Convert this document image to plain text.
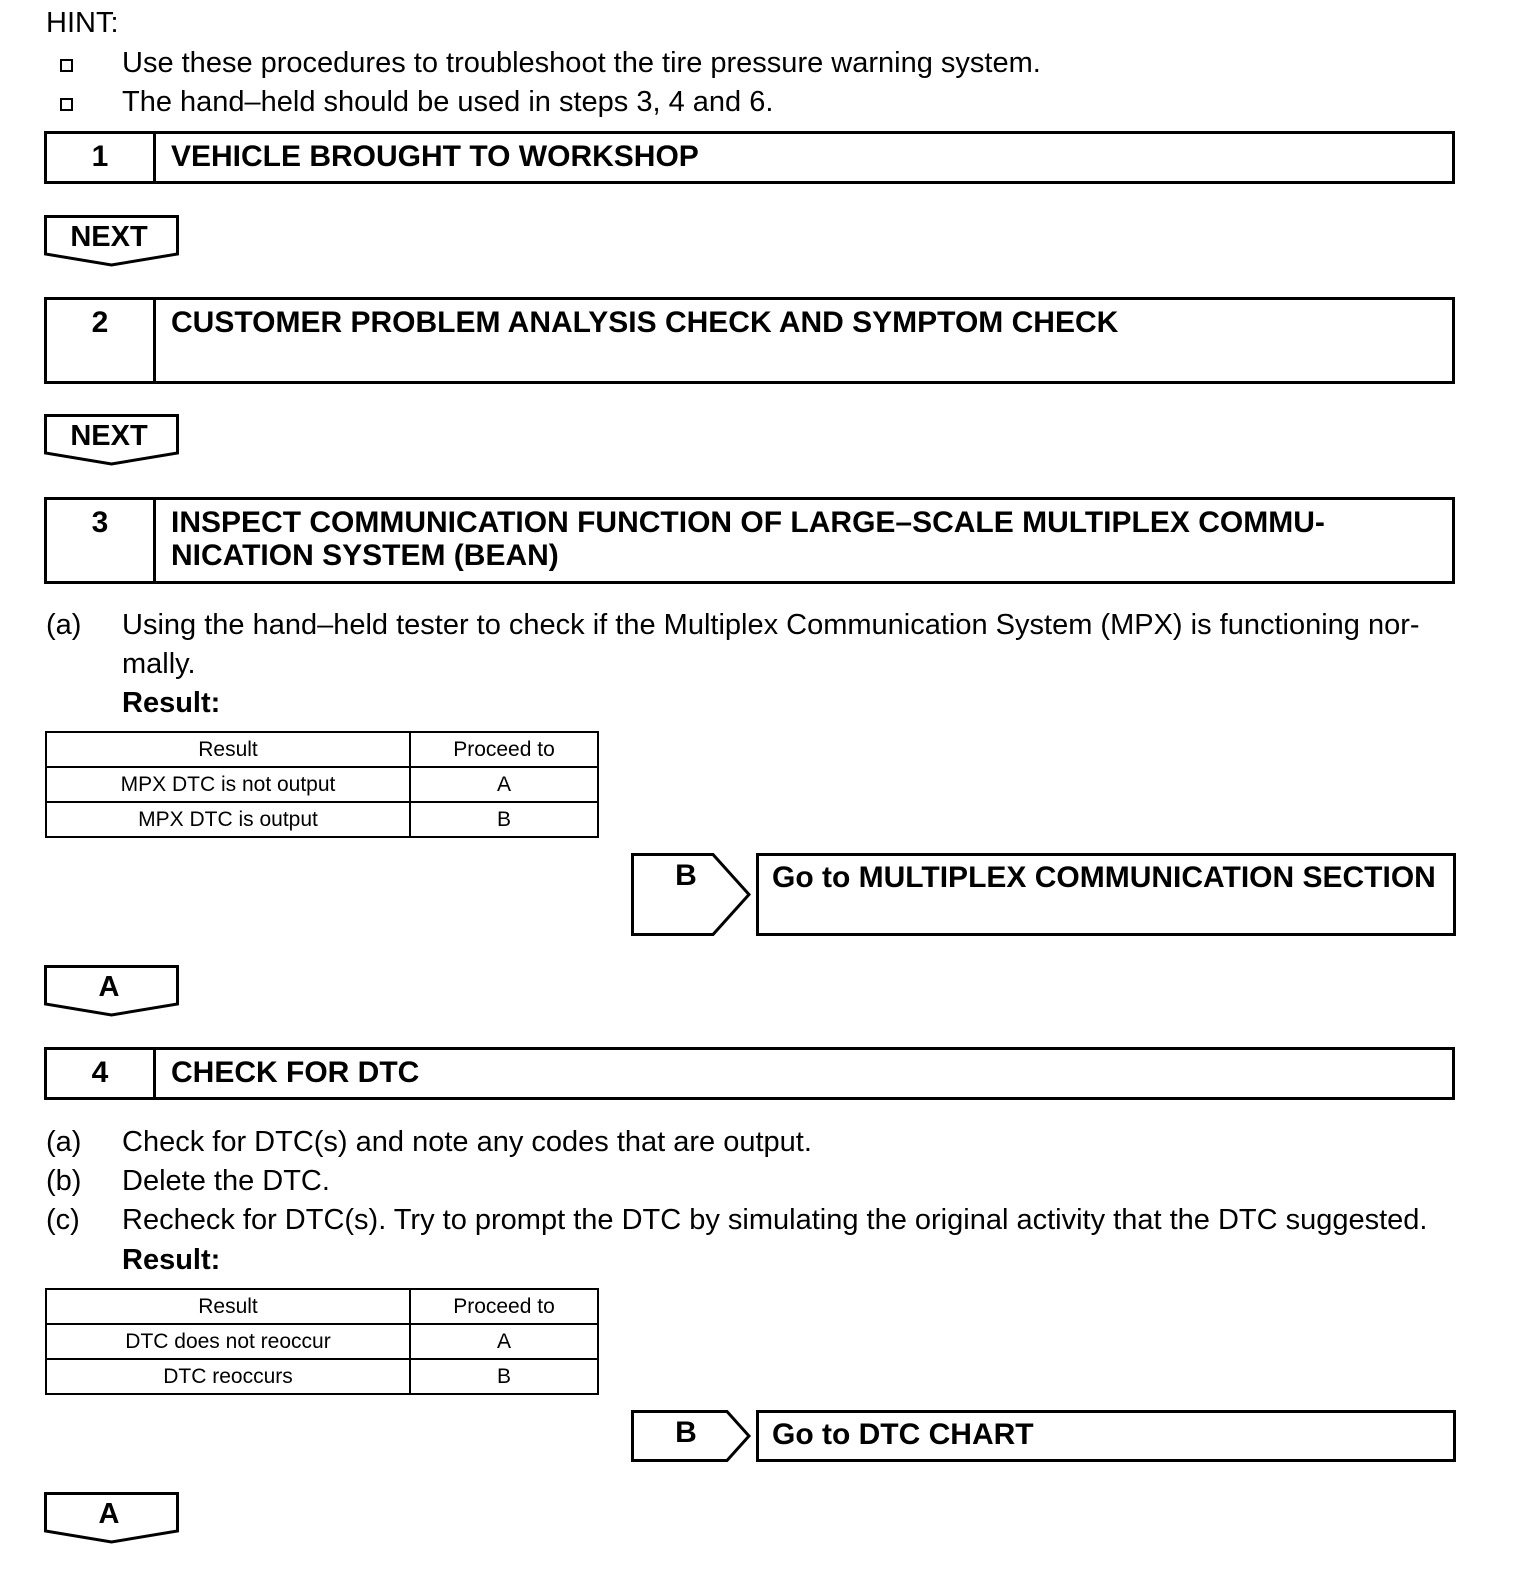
HINT:
Use these procedures to troubleshoot the tire pressure warning system.
The hand–held should be used in steps 3, 4 and 6.
1	VEHICLE BROUGHT TO WORKSHOP
NEXT
2	CUSTOMER PROBLEM ANALYSIS CHECK AND SYMPTOM CHECK
NEXT
3	INSPECT COMMUNICATION FUNCTION OF LARGE–SCALE MULTIPLEX COMMU-
NICATION SYSTEM (BEAN)
(a) Using the hand–held tester to check if the Multiplex Communication System (MPX) is functioning nor-
mally.
Result:
Result	Proceed to
MPX DTC is not output	A
MPX DTC is output	B
B	Go to MULTIPLEX COMMUNICATION SECTION
A
4	CHECK FOR DTC
(a) Check for DTC(s) and note any codes that are output.
(b) Delete the DTC.
(c) Recheck for DTC(s). Try to prompt the DTC by simulating the original activity that the DTC suggested.
Result:
Result	Proceed to
DTC does not reoccur	A
DTC reoccurs	B
B	Go to DTC CHART
A
